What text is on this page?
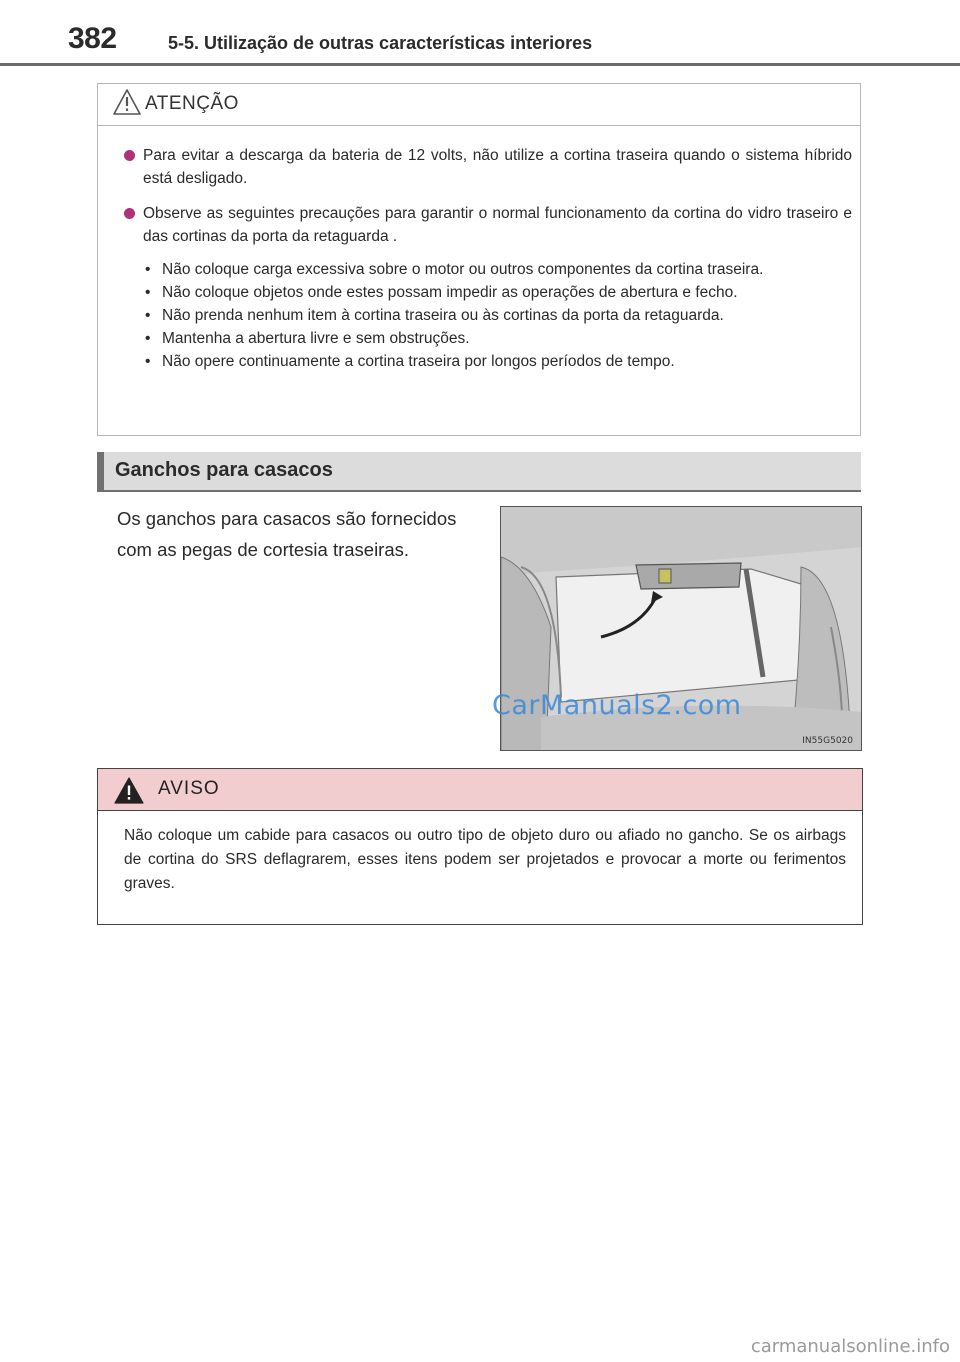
382	5-5. Utilização de outras características interiores
ATENÇÃO
Para evitar a descarga da bateria de 12 volts, não utilize a cortina traseira quando o sistema híbrido está desligado.
Observe as seguintes precauções para garantir o normal funcionamento da cortina do vidro traseiro e das cortinas da porta da retaguarda .
• Não coloque carga excessiva sobre o motor ou outros componentes da cortina traseira.
• Não coloque objetos onde estes possam impedir as operações de abertura e fecho.
• Não prenda nenhum item à cortina traseira ou às cortinas da porta da retaguarda.
• Mantenha a abertura livre e sem obstruções.
• Não opere continuamente a cortina traseira por longos períodos de tempo.
Ganchos para casacos
Os ganchos para casacos são fornecidos com as pegas de cortesia traseiras.
IN55G5020
CarManuals2.com
AVISO
Não coloque um cabide para casacos ou outro tipo de objeto duro ou afiado no gancho. Se os airbags de cortina do SRS deflagrarem, esses itens podem ser projetados e provocar a morte ou ferimentos graves.
carmanualsonline.info
